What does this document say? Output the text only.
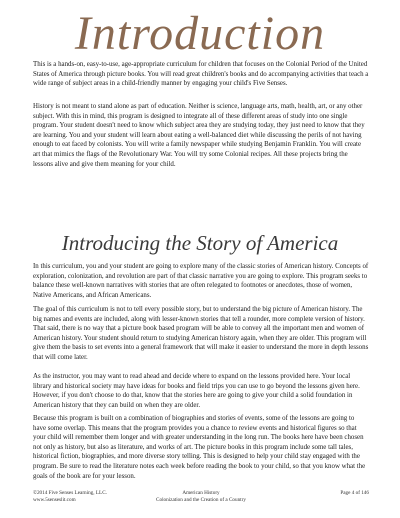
Introduction

This is a hands-on, easy-to-use, age-appropriate curriculum for children that focuses on the Colonial Period of the United States of America through picture books. You will read great children's books and do accompanying activities that teach a wide range of subject areas in a child-friendly manner by engaging your child's Five Senses.

History is not meant to stand alone as part of education. Neither is science, language arts, math, health, art, or any other subject. With this in mind, this program is designed to integrate all of these different areas of study into one single program. Your student doesn't need to know which subject area they are studying today, they just need to know that they are learning. You and your student will learn about eating a well-balanced diet while discussing the perils of not having enough to eat faced by colonists. You will write a family newspaper while studying Benjamin Franklin. You will create art that mimics the flags of the Revolutionary War. You will try some Colonial recipes. All these projects bring the lessons alive and give them meaning for your child.

Introducing the Story of America

In this curriculum, you and your student are going to explore many of the classic stories of American history. Concepts of exploration, colonization, and revolution are part of that classic narrative you are going to explore. This program seeks to balance these well-known narratives with stories that are often relegated to footnotes or anecdotes, those of women, Native Americans, and African Americans.

The goal of this curriculum is not to tell every possible story, but to understand the big picture of American history. The big names and events are included, along with lesser-known stories that tell a rounder, more complete version of history. That said, there is no way that a picture book based program will be able to convey all the important men and women of American history. Your student should return to studying American history again, when they are older. This program will give them the basis to set events into a general framework that will make it easier to understand the more in depth lessons that will come later.

As the instructor, you may want to read ahead and decide where to expand on the lessons provided here. Your local library and historical society may have ideas for books and field trips you can use to go beyond the lessons given here. However, if you don't choose to do that, know that the stories here are going to give your child a solid foundation in American history that they can build on when they are older.

Because this program is built on a combination of biographies and stories of events, some of the lessons are going to have some overlap. This means that the program provides you a chance to review events and historical figures so that your child will remember them longer and with greater understanding in the long run. The books here have been chosen not only as history, but also as literature, and works of art. The picture books in this program include some tall tales, historical fiction, biographies, and more diverse story telling. This is designed to help your child stay engaged with the program. Be sure to read the literature notes each week before reading the book to your child, so that you know what the goals of the book are for your lesson.

©2014 Five Senses Learning, LLC.
www.5senseslit.com
American History
Colonization and the Creation of a Country
Page 4 of 146
